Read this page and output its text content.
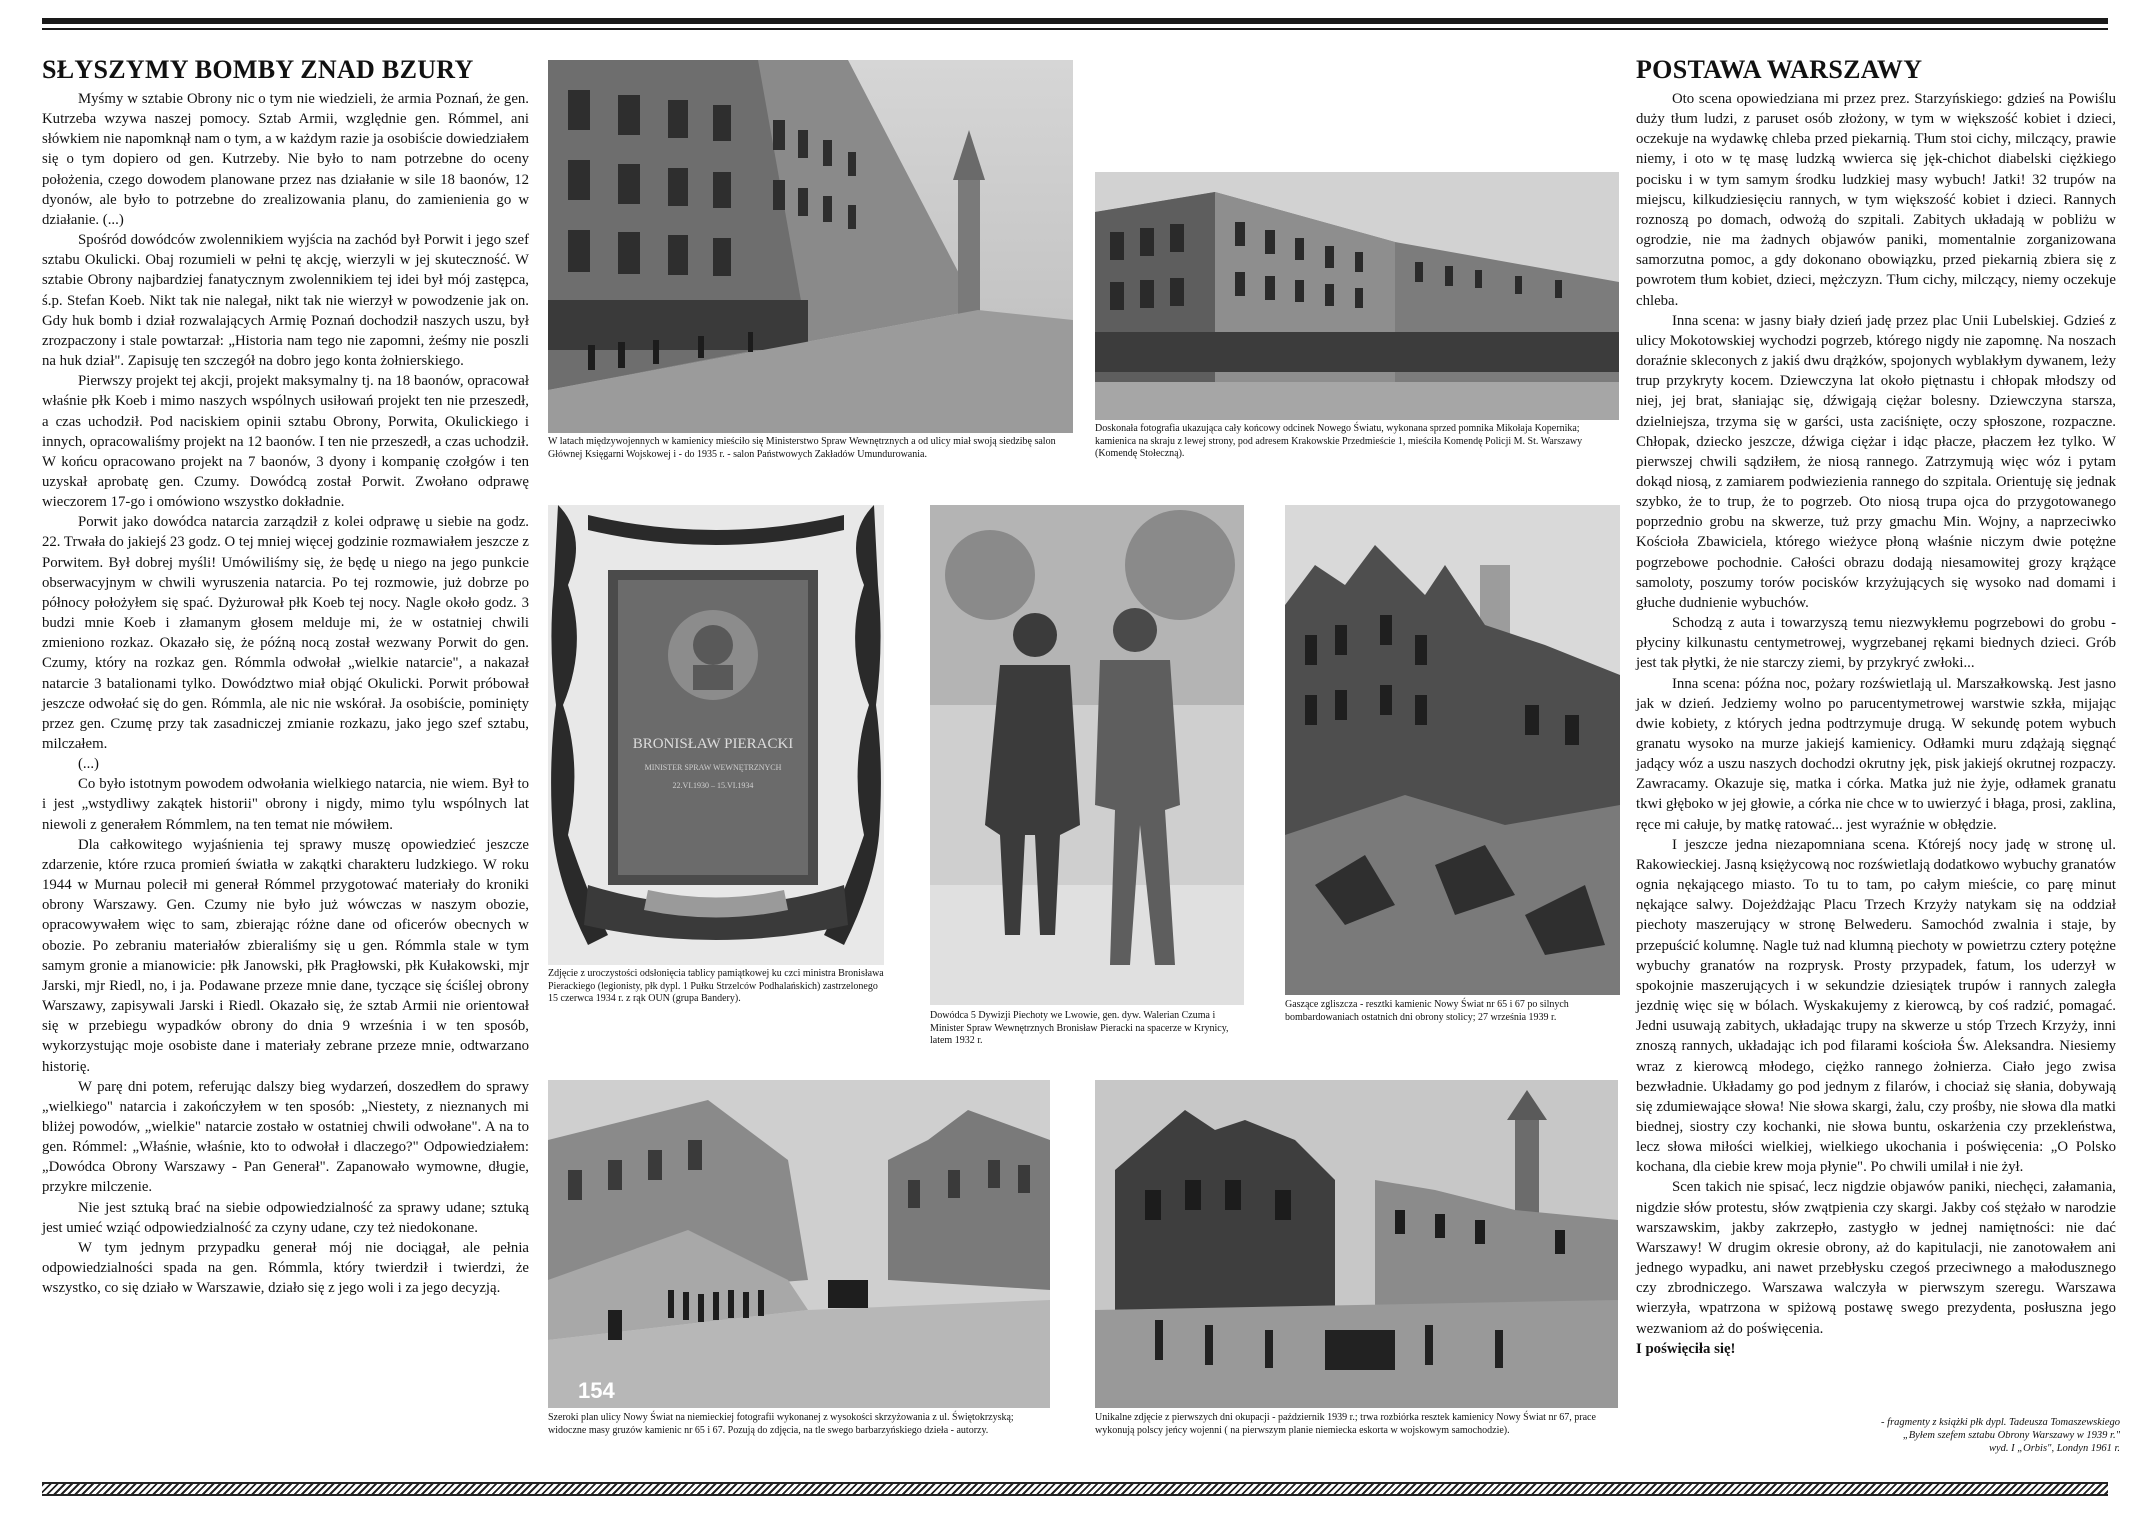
SŁYSZYMY BOMBY ZNAD BZURY

Myśmy w sztabie Obrony nic o tym nie wiedzieli, że armia Poznań, że gen. Kutrzeba wzywa naszej pomocy. Sztab Armii, względnie gen. Rómmel, ani słówkiem nie napomknął nam o tym, a w każdym razie ja osobiście dowiedziałem się o tym dopiero od gen. Kutrzeby. Nie było to nam potrzebne do oceny położenia, czego dowodem planowane przez nas działanie w sile 18 baonów, 12 dyonów, ale było to potrzebne do zrealizowania planu, do zamienienia go w działanie. (...)

Spośród dowódców zwolennikiem wyjścia na zachód był Porwit i jego szef sztabu Okulicki. Obaj rozumieli w pełni tę akcję, wierzyli w jej skuteczność. W sztabie Obrony najbardziej fanatycznym zwolennikiem tej idei był mój zastępca, ś.p. Stefan Koeb. Nikt tak nie nalegał, nikt tak nie wierzył w powodzenie jak on. Gdy huk bomb i dział rozwalających Armię Poznań dochodził naszych uszu, był zrozpaczony i stale powtarzał: „Historia nam tego nie zapomni, żeśmy nie poszli na huk dział". Zapisuję ten szczegół na dobro jego konta żołnierskiego.

Pierwszy projekt tej akcji, projekt maksymalny tj. na 18 baonów, opracował właśnie płk Koeb i mimo naszych wspólnych usiłowań projekt ten nie przeszedł, a czas uchodził. Pod naciskiem opinii sztabu Obrony, Porwita, Okulickiego i innych, opracowaliśmy projekt na 12 baonów. I ten nie przeszedł, a czas uchodził. W końcu opracowano projekt na 7 baonów, 3 dyony i kompanię czołgów i ten uzyskał aprobatę gen. Czumy. Dowódcą został Porwit. Zwołano odprawę wieczorem 17-go i omówiono wszystko dokładnie.

Porwit jako dowódca natarcia zarządził z kolei odprawę u siebie na godz. 22. Trwała do jakiejś 23 godz. O tej mniej więcej godzinie rozmawiałem jeszcze z Porwitem. Był dobrej myśli! Umówiliśmy się, że będę u niego na jego punkcie obserwacyjnym w chwili wyruszenia natarcia. Po tej rozmowie, już dobrze po północy położyłem się spać. Dyżurował płk Koeb tej nocy. Nagle około godz. 3 budzi mnie Koeb i złamanym głosem melduje mi, że w ostatniej chwili zmieniono rozkaz. Okazało się, że późną nocą został wezwany Porwit do gen. Czumy, który na rozkaz gen. Rómmla odwołał „wielkie natarcie", a nakazał natarcie 3 batalionami tylko. Dowództwo miał objąć Okulicki. Porwit próbował jeszcze odwołać się do gen. Rómmla, ale nic nie wskórał. Ja osobiście, pominięty przez gen. Czumę przy tak zasadniczej zmianie rozkazu, jako jego szef sztabu, milczałem.

(...)

Co było istotnym powodem odwołania wielkiego natarcia, nie wiem. Był to i jest „wstydliwy zakątek historii" obrony i nigdy, mimo tylu wspólnych lat niewoli z generałem Rómmlem, na ten temat nie mówiłem.

Dla całkowitego wyjaśnienia tej sprawy muszę opowiedzieć jeszcze zdarzenie, które rzuca promień światła w zakątki charakteru ludzkiego. W roku 1944 w Murnau polecił mi generał Rómmel przygotować materiały do kroniki obrony Warszawy. Gen. Czumy nie było już wówczas w naszym obozie, opracowywałem więc to sam, zbierając różne dane od oficerów obecnych w obozie. Po zebraniu materiałów zbieraliśmy się u gen. Rómmla stale w tym samym gronie a mianowicie: płk Janowski, płk Pragłowski, płk Kułakowski, mjr Jarski, mjr Riedl, no, i ja. Podawane przeze mnie dane, tyczące się ściślej obrony Warszawy, zapisywali Jarski i Riedl. Okazało się, że sztab Armii nie orientował się w przebiegu wypadków obrony do dnia 9 września i w ten sposób, wykorzystując moje osobiste dane i materiały zebrane przeze mnie, odtwarzano historię.

W parę dni potem, referując dalszy bieg wydarzeń, doszedłem do sprawy „wielkiego" natarcia i zakończyłem w ten sposób: „Niestety, z nieznanych mi bliżej powodów, „wielkie" natarcie zostało w ostatniej chwili odwołane". A na to gen. Rómmel: „Właśnie, właśnie, kto to odwołał i dlaczego?" Odpowiedziałem: „Dowódca Obrony Warszawy - Pan Generał". Zapanowało wymowne, długie, przykre milczenie.

Nie jest sztuką brać na siebie odpowiedzialność za sprawy udane; sztuką jest umieć wziąć odpowiedzialność za czyny udane, czy też niedokonane.

W tym jednym przypadku generał mój nie dociągał, ale pełnia odpowiedzialności spada na gen. Rómmla, który twierdził i twierdzi, że wszystko, co się działo w Warszawie, działo się z jego woli i za jego decyzją.

POSTAWA WARSZAWY

Oto scena opowiedziana mi przez prez. Starzyńskiego: gdzieś na Powiślu duży tłum ludzi, z paruset osób złożony, w tym w większość kobiet i dzieci, oczekuje na wydawkę chleba przed piekarnią. Tłum stoi cichy, milczący, prawie niemy, i oto w tę masę ludzką wwierca się jęk-chichot diabelski ciężkiego pocisku i w tym samym środku ludzkiej masy wybuch! Jatki! 32 trupów na miejscu, kilkudziesięciu rannych, w tym większość kobiet i dzieci. Rannych roznoszą po domach, odwożą do szpitali. Zabitych układają w pobliżu w ogrodzie, nie ma żadnych objawów paniki, momentalnie zorganizowana samorzutna pomoc, a gdy dokonano obowiązku, przed piekarnią zbiera się z powrotem tłum kobiet, dzieci, mężczyzn. Tłum cichy, milczący, niemy oczekuje chleba.

Inna scena: w jasny biały dzień jadę przez plac Unii Lubelskiej. Gdzieś z ulicy Mokotowskiej wychodzi pogrzeb, którego nigdy nie zapomnę. Na noszach doraźnie skleconych z jakiś dwu drążków, spojonych wyblakłym dywanem, leży trup przykryty kocem. Dziewczyna lat około piętnastu i chłopak młodszy od niej, jej brat, słaniając się, dźwigają ciężar bolesny. Dziewczyna starsza, dzielniejsza, trzyma się w garści, usta zaciśnięte, oczy spłoszone, rozpaczne. Chłopak, dziecko jeszcze, dźwiga ciężar i idąc płacze, płaczem łez tylko. W pierwszej chwili sądziłem, że niosą rannego. Zatrzymują więc wóz i pytam dokąd niosą, z zamiarem podwiezienia rannego do szpitala. Orientuję się jednak szybko, że to trup, że to pogrzeb. Oto niosą trupa ojca do przygotowanego poprzednio grobu na skwerze, tuż przy gmachu Min. Wojny, a naprzeciwko Kościoła Zbawiciela, którego wieżyce płoną właśnie niczym dwie potężne pogrzebowe pochodnie. Całości obrazu dodają niesamowitej grozy krążące samoloty, poszumy torów pocisków krzyżujących się wysoko nad domami i głuche dudnienie wybuchów.

Schodzą z auta i towarzyszą temu niezwykłemu pogrzebowi do grobu - płyciny kilkunastu centymetrowej, wygrzebanej rękami biednych dzieci. Grób jest tak płytki, że nie starczy ziemi, by przykryć zwłoki...

Inna scena: późna noc, pożary rozświetlają ul. Marszałkowską. Jest jasno jak w dzień. Jedziemy wolno po parucentymetrowej warstwie szkła, mijając dwie kobiety, z których jedna podtrzymuje drugą. W sekundę potem wybuch granatu wysoko na murze jakiejś kamienicy. Odłamki muru zdążają sięgnąć jadący wóz a uszu naszych dochodzi okrutny jęk, pisk jakiejś okrutnej rozpaczy. Zawracamy. Okazuje się, matka i córka. Matka już nie żyje, odłamek granatu tkwi głęboko w jej głowie, a córka nie chce w to uwierzyć i błaga, prosi, zaklina, ręce mi całuje, by matkę ratować... jest wyraźnie w obłędzie.

I jeszcze jedna niezapomniana scena. Którejś nocy jadę w stronę ul. Rakowieckiej. Jasną księżycową noc rozświetlają dodatkowo wybuchy granatów ognia nękającego miasto. To tu to tam, po całym mieście, co parę minut nękające salwy. Dojeżdżając Placu Trzech Krzyży natykam się na oddział piechoty maszerujący w stronę Belwederu. Samochód zwalnia i staje, by przepuścić kolumnę. Nagle tuż nad klumną piechoty w powietrzu cztery potężne wybuchy granatów na rozprysk. Prosty przypadek, fatum, los uderzył w spokojnie maszerujących i w sekundzie dziesiątek trupów i rannych zaległa jezdnię więc się w bólach. Wyskakujemy z kierowcą, by coś radzić, pomagać. Jedni usuwają zabitych, układając trupy na skwerze u stóp Trzech Krzyży, inni znoszą rannych, układając ich pod filarami kościoła Św. Aleksandra. Niesiemy wraz z kierowcą młodego, ciężko rannego żołnierza. Ciało jego zwisa bezwładnie. Układamy go pod jednym z filarów, i chociaż się słania, dobywają się zdumiewające słowa! Nie słowa skargi, żalu, czy prośby, nie słowa dla matki biednej, siostry czy kochanki, nie słowa buntu, oskarżenia czy przekleństwa, lecz słowa miłości wielkiej, wielkiego ukochania i poświęcenia: „O Polsko kochana, dla ciebie krew moja płynie". Po chwili umilał i nie żył.

Scen takich nie spisać, lecz nigdzie objawów paniki, niechęci, załamania, nigdzie słów protestu, słów zwątpienia czy skargi. Jakby coś stężało w narodzie warszawskim, jakby zakrzepło, zastygło w jednej namiętności: nie dać Warszawy! W drugim okresie obrony, aż do kapitulacji, nie zanotowałem ani jednego wypadku, ani nawet przebłysku czegoś przeciwnego a małodusznego czy zbrodniczego. Warszawa walczyła w pierwszym szeregu. Warszawa wierzyła, wpatrzona w spiżową postawę swego prezydenta, posłuszna jego wezwaniom aż do poświęcenia.

I poświęciła się!

- fragmenty z książki płk dypl. Tadeusza Tomaszewskiego
„Byłem szefem sztabu Obrony Warszawy w 1939 r."
wyd. I „Orbis", Londyn 1961 r.
W latach międzywojennych w kamienicy mieściło się Ministerstwo Spraw Wewnętrznych a od ulicy miał swoją siedzibę salon Głównej Księgarni Wojskowej i - do 1935 r. - salon Państwowych Zakładów Umundurowania.
Doskonała fotografia ukazująca cały końcowy odcinek Nowego Światu, wykonana sprzed pomnika Mikołaja Kopernika; kamienica na skraju z lewej strony, pod adresem Krakowskie Przedmieście 1, mieściła Komendę Policji M. St. Warszawy (Komendę Stołeczną).
BRONISŁAW PIERACKI
MINISTER SPRAW WEWNĘTRZNYCH
22.VI.1930 – 15.VI.1934
Zdjęcie z uroczystości odsłonięcia tablicy pamiątkowej ku czci ministra Bronisława Pierackiego (legionisty, płk dypl. 1 Pułku Strzelców Podhalańskich) zastrzelonego 15 czerwca 1934 r. z rąk OUN (grupa Bandery).
Dowódca 5 Dywizji Piechoty we Lwowie, gen. dyw. Walerian Czuma i Minister Spraw Wewnętrznych Bronisław Pieracki na spacerze w Krynicy, latem 1932 r.
Gaszące zgliszcza - resztki kamienic Nowy Świat nr 65 i 67 po silnych bombardowaniach ostatnich dni obrony stolicy; 27 września 1939 r.
154
Szeroki plan ulicy Nowy Świat na niemieckiej fotografii wykonanej z wysokości skrzyżowania z ul. Świętokrzyską; widoczne masy gruzów kamienic nr 65 i 67. Pozują do zdjęcia, na tle swego barbarzyńskiego dzieła - autorzy.
Unikalne zdjęcie z pierwszych dni okupacji - październik 1939 r.; trwa rozbiórka resztek kamienicy Nowy Świat nr 67, prace wykonują polscy jeńcy wojenni ( na pierwszym planie niemiecka eskorta w wojskowym samochodzie).
